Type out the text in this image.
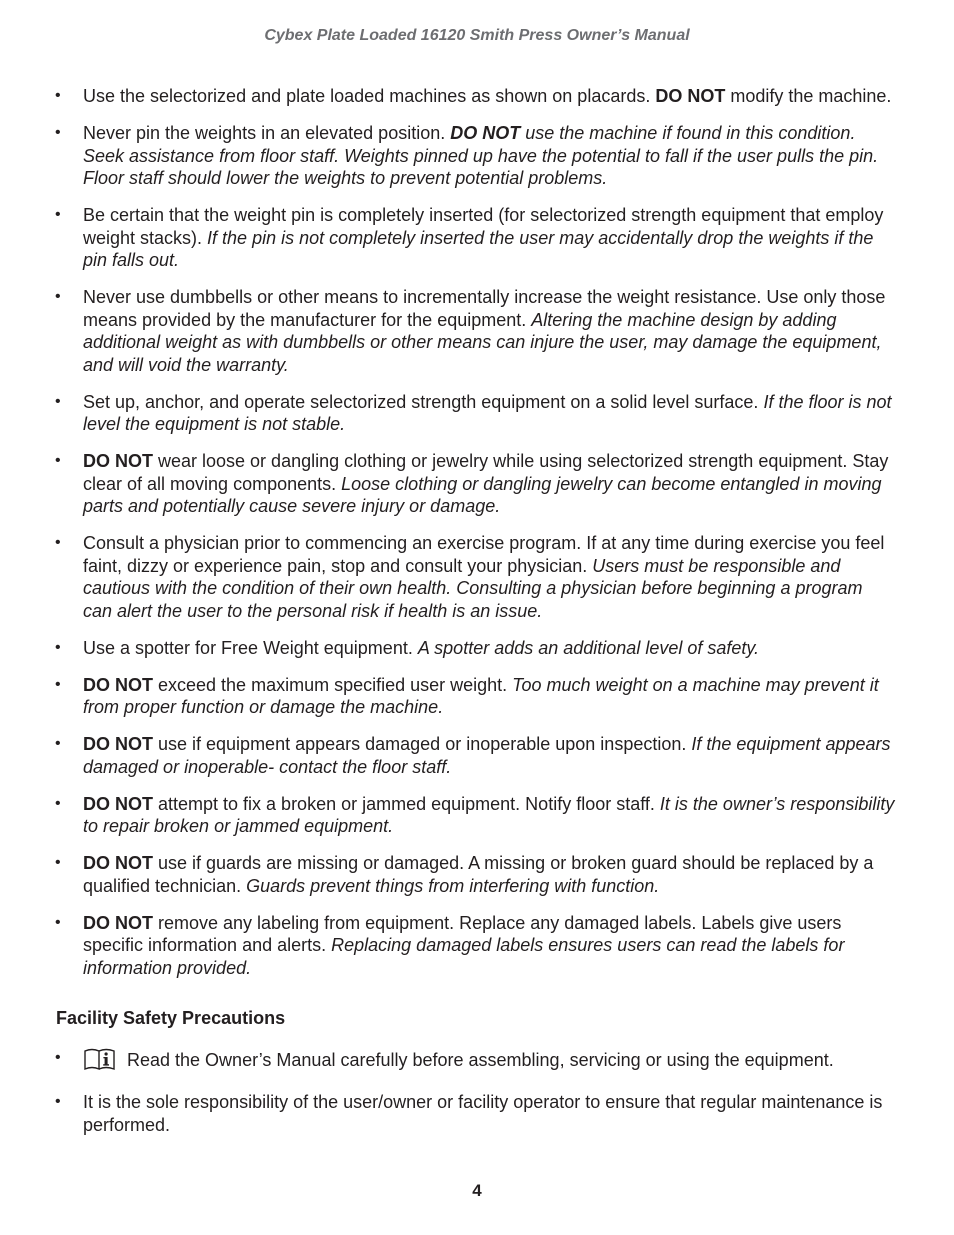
Cybex Plate Loaded 16120 Smith Press Owner’s Manual
• Use the selectorized and plate loaded machines as shown on placards. DO NOT modify the machine.
• Never pin the weights in an elevated position. DO NOT use the machine if found in this condition. Seek assistance from floor staff. Weights pinned up have the potential to fall if the user pulls the pin. Floor staff should lower the weights to prevent potential problems.
• Be certain that the weight pin is completely inserted (for selectorized strength equipment that employ weight stacks). If the pin is not completely inserted the user may accidentally drop the weights if the pin falls out.
• Never use dumbbells or other means to incrementally increase the weight resistance. Use only those means provided by the manufacturer for the equipment. Altering the machine design by adding additional weight as with dumbbells or other means can injure the user, may damage the equipment, and will void the warranty.
• Set up, anchor, and operate selectorized strength equipment on a solid level surface. If the floor is not level the equipment is not stable.
• DO NOT wear loose or dangling clothing or jewelry while using selectorized strength equipment. Stay clear of all moving components. Loose clothing or dangling jewelry can become entangled in moving parts and potentially cause severe injury or damage.
• Consult a physician prior to commencing an exercise program. If at any time during exercise you feel faint, dizzy or experience pain, stop and consult your physician. Users must be responsible and cautious with the condition of their own health. Consulting a physician before beginning a program can alert the user to the personal risk if health is an issue.
• Use a spotter for Free Weight equipment. A spotter adds an additional level of safety.
• DO NOT exceed the maximum specified user weight. Too much weight on a machine may prevent it from proper function or damage the machine.
• DO NOT use if equipment appears damaged or inoperable upon inspection. If the equipment appears damaged or inoperable- contact the floor staff.
• DO NOT attempt to fix a broken or jammed equipment. Notify floor staff. It is the owner’s responsibility to repair broken or jammed equipment.
• DO NOT use if guards are missing or damaged. A missing or broken guard should be replaced by a qualified technician. Guards prevent things from interfering with function.
• DO NOT remove any labeling from equipment. Replace any damaged labels. Labels give users specific information and alerts. Replacing damaged labels ensures users can read the labels for information provided.
Facility Safety Precautions
•	Read the Owner’s Manual carefully before assembling, servicing or using the equipment.
• It is the sole responsibility of the user/owner or facility operator to ensure that regular maintenance is performed.
4
